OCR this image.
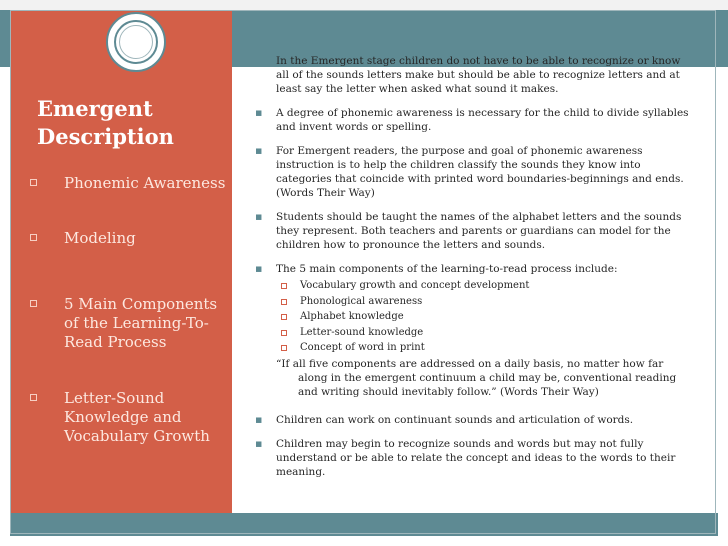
Emergent Description
Phonemic Awareness
Modeling
5 Main Components of the Learning-To-Read Process
Letter-Sound Knowledge and Vocabulary Growth
▪ In the Emergent stage children do not have to be able to recognize or know all of the sounds letters make but should be able to recognize letters and at least say the letter when asked what sound it makes.
▪ A degree of phonemic awareness is necessary for the child to divide syllables and invent words or spelling.
▪ For Emergent readers, the purpose and goal of phonemic awareness instruction is to help the children classify the sounds they know into categories that coincide with printed word boundaries-beginnings and ends. (Words Their Way)
▪ Students should be taught the names of the alphabet letters and the sounds they represent. Both teachers and parents or guardians can model for the children how to pronounce the letters and sounds.
▪ The 5 main components of the learning-to-read process include:
Vocabulary growth and concept development
Phonological awareness
Alphabet knowledge
Letter-sound knowledge
Concept of word in print
“If all five components are addressed on a daily basis, no matter how far along in the emergent continuum a child may be, conventional reading and writing should inevitably follow.” (Words Their Way)
▪ Children can work on continuant sounds and articulation of words.
▪ Children may begin to recognize sounds and words but may not fully understand or be able to relate the concept and ideas to the words to their meaning.
